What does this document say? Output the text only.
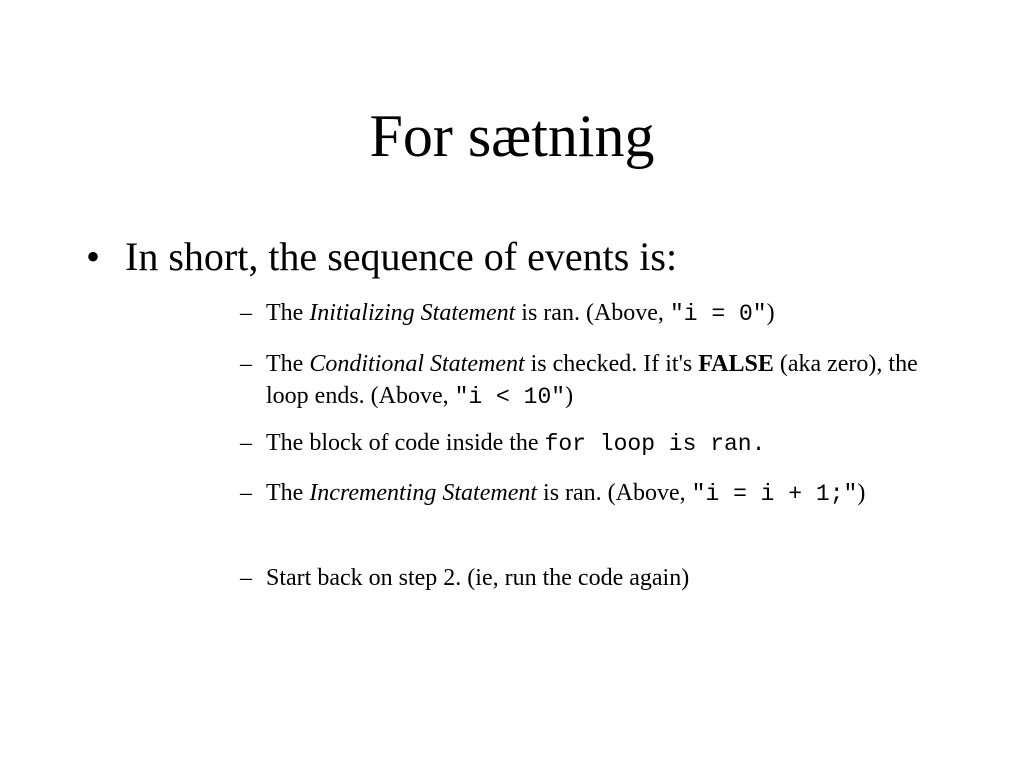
For sætning
• In short, the sequence of events is:
– The Initializing Statement is ran. (Above, "i = 0")
– The Conditional Statement is checked. If it's FALSE (aka zero), the loop ends. (Above, "i < 10")
– The block of code inside the for loop is ran.
– The Incrementing Statement is ran. (Above, "i = i + 1;")
– Start back on step 2. (ie, run the code again)
